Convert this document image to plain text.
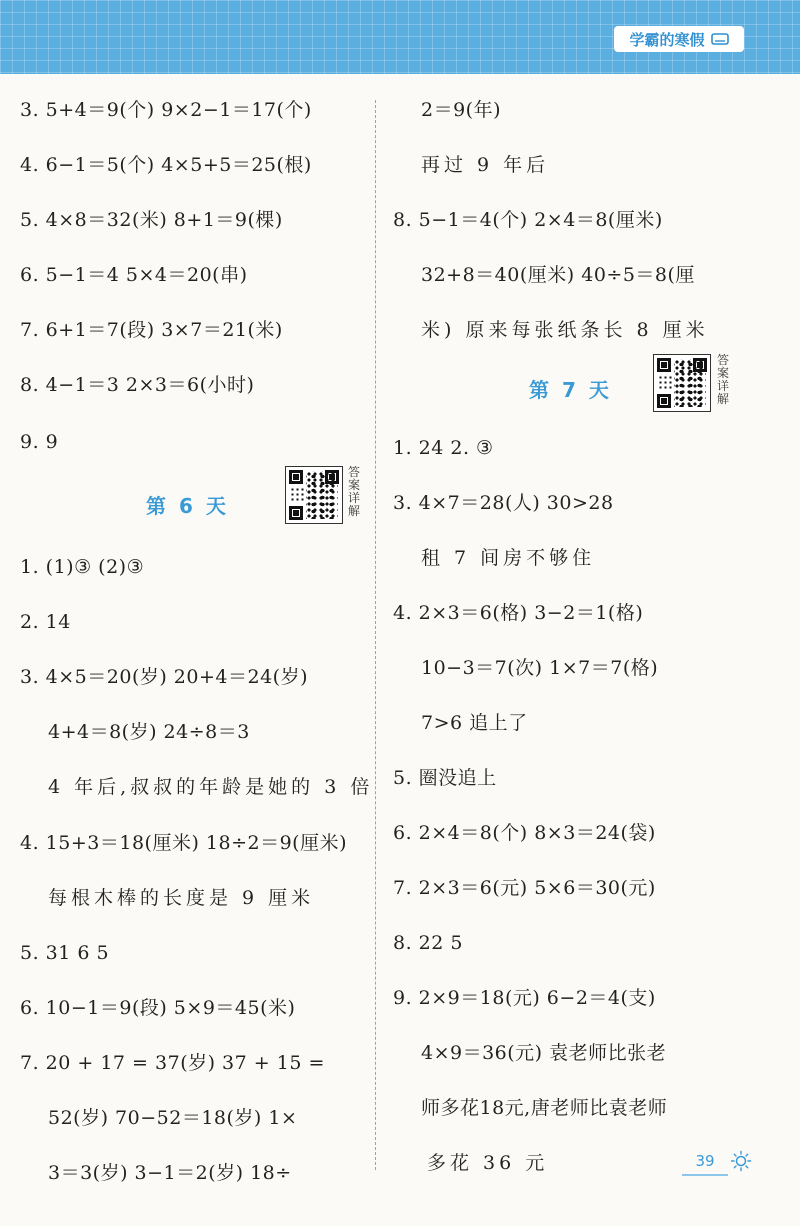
学霸的寒假
3. 5+4＝9(个) 9×2−1＝17(个)
4. 6−1＝5(个) 4×5+5＝25(根)
5. 4×8＝32(米) 8+1＝9(棵)
6. 5−1＝4 5×4＝20(串)
7. 6+1＝7(段) 3×7＝21(米)
8. 4−1＝3 2×3＝6(小时)
9. 9
第 6 天
答案详解
1. (1)③ (2)③
2. 14
3. 4×5＝20(岁) 20+4＝24(岁)
4+4＝8(岁) 24÷8＝3
4 年后,叔叔的年龄是她的 3 倍
4. 15+3＝18(厘米) 18÷2＝9(厘米)
每根木棒的长度是 9 厘米
5. 31 6 5
6. 10−1＝9(段) 5×9＝45(米)
7. 20 + 17 = 37(岁) 37 + 15 =
52(岁) 70−52＝18(岁) 1×
3＝3(岁) 3−1＝2(岁) 18÷
2＝9(年)
再过 9 年后
8. 5−1＝4(个) 2×4＝8(厘米)
32+8＝40(厘米) 40÷5＝8(厘
米) 原来每张纸条长 8 厘米
第 7 天
答案详解
1. 24 2. ③
3. 4×7＝28(人) 30>28
租 7 间房不够住
4. 2×3＝6(格) 3−2＝1(格)
10−3＝7(次) 1×7＝7(格)
7>6 追上了
5. 圈没追上
6. 2×4＝8(个) 8×3＝24(袋)
7. 2×3＝6(元) 5×6＝30(元)
8. 22 5
9. 2×9＝18(元) 6−2＝4(支)
4×9＝36(元) 袁老师比张老
师多花18元,唐老师比袁老师
多花 36 元	39
